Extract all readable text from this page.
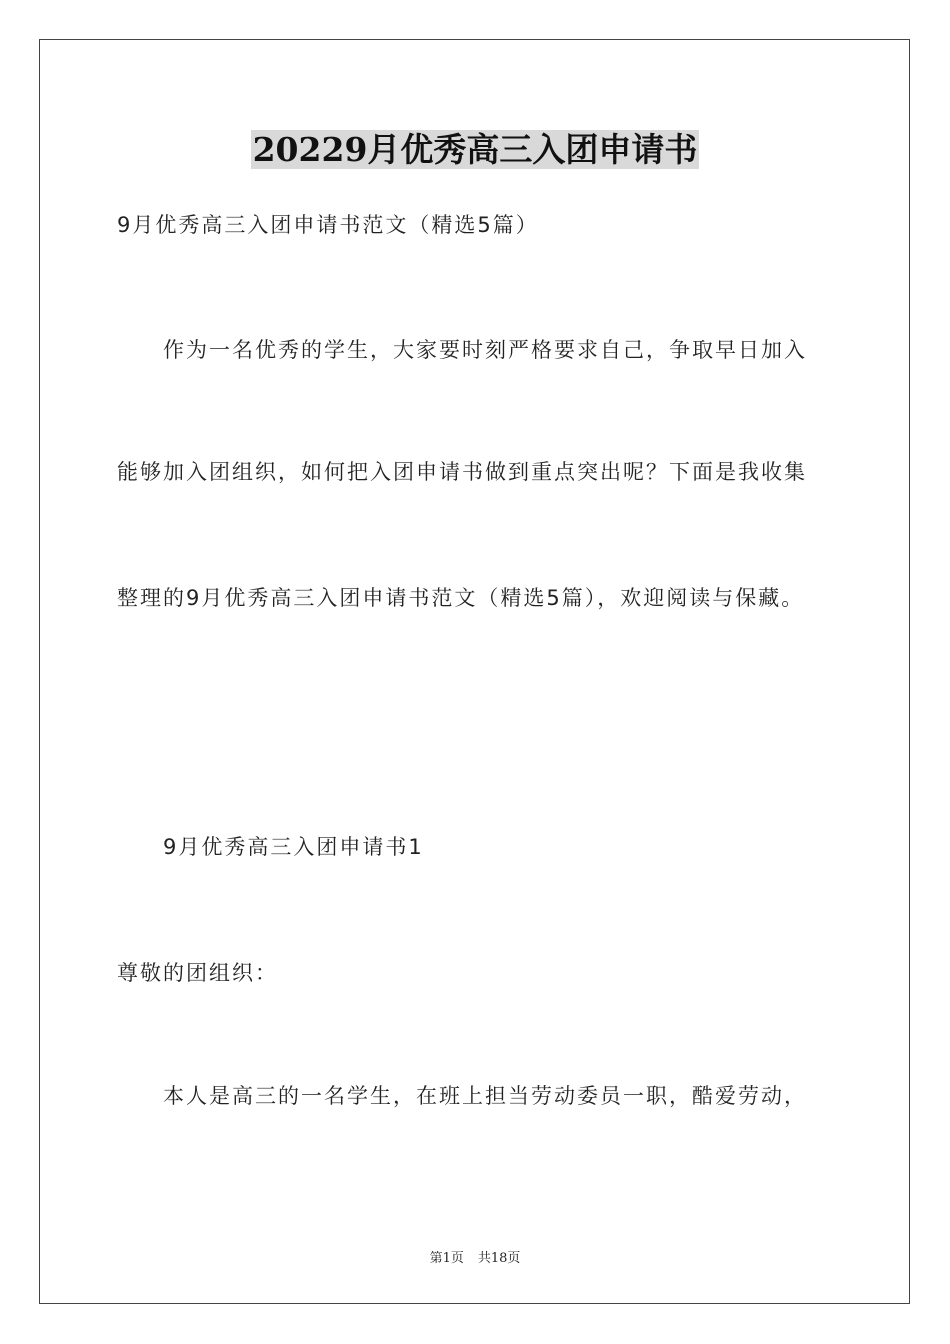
20229月优秀高三入团申请书
9月优秀高三入团申请书范文（精选5篇）
作为一名优秀的学生，大家要时刻严格要求自己，争取早日加入
能够加入团组织，如何把入团申请书做到重点突出呢？下面是我收集
整理的9月优秀高三入团申请书范文（精选5篇），欢迎阅读与保藏。
9月优秀高三入团申请书1
尊敬的团组织：
本人是高三的一名学生，在班上担当劳动委员一职，酷爱劳动，
第1页 共18页
